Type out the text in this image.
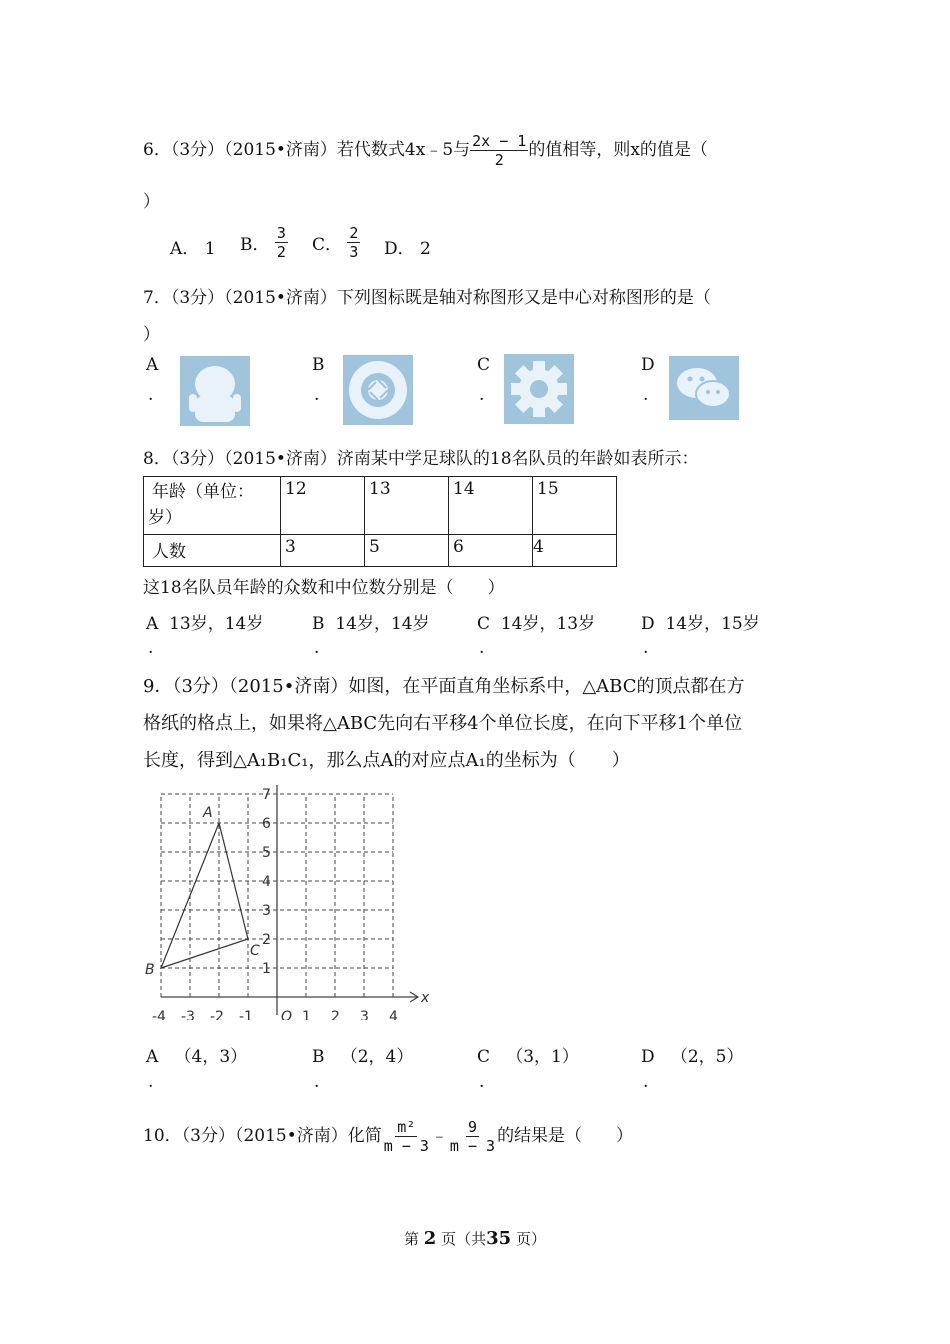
6．（3分）（2015•济南）若代数式4x﹣5与 $\frac{2x - 1}{2}$ 的值相等，则x的值是（
）
A． 1 B． $\frac{3}{2}$ C． $\frac{2}{3}$ D． 2
7．（3分）（2015•济南）下列图标既是轴对称图形又是中心对称图形的是（
）
A
.
B
.
C
.
D
.
8．（3分）（2015•济南）济南某中学足球队的18名队员的年龄如表所示：
年龄（单位：
岁）	12	13	14	15
人数	3	5	6	4
这18名队员年龄的众数和中位数分别是（　　）
A 13岁，14岁	B 14岁，14岁	C 14岁，13岁	D 14岁，15岁
.	.	.	.
9．（3分）（2015•济南）如图，在平面直角坐标系中，△ABC的顶点都在方
格纸的格点上，如果将△ABC先向右平移4个单位长度，在向下平移1个单位
长度，得到△A₁B₁C₁，那么点A的对应点A₁的坐标为（　　）
-4 -3 -2 -1	1 2 3 4
1
2
3
4
5
6
7
O
x
A
B
C
A （4，3）	B （2，4）	C （3，1）	D （2，5）
.	.	.	.
10．（3分）（2015•济南）化简 $\frac{\text{m²}}{m - 3}$ ﹣ $\frac{9}{m - 3}$ 的结果是（　　）
第 2 页（共35 页）
